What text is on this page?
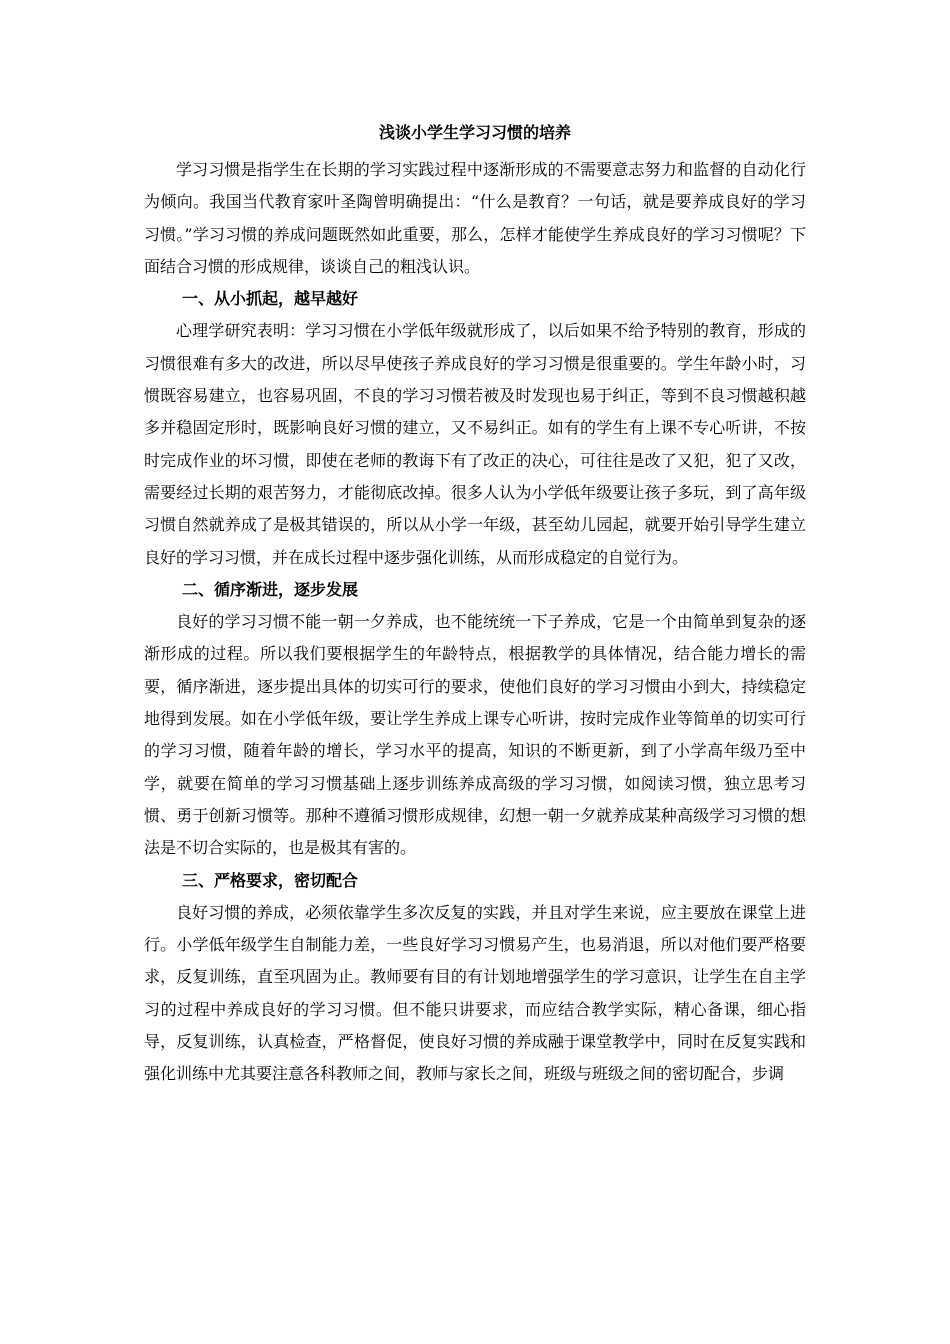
浅谈小学生学习习惯的培养

学习习惯是指学生在长期的学习实践过程中逐渐形成的不需要意志努力和监督的自动化行为倾向。我国当代教育家叶圣陶曾明确提出：“什么是教育？一句话，就是要养成良好的学习习惯。”学习习惯的养成问题既然如此重要，那么，怎样才能使学生养成良好的学习习惯呢？下面结合习惯的形成规律，谈谈自己的粗浅认识。

一、从小抓起，越早越好

心理学研究表明：学习习惯在小学低年级就形成了，以后如果不给予特别的教育，形成的习惯很难有多大的改进，所以尽早使孩子养成良好的学习习惯是很重要的。学生年龄小时，习惯既容易建立，也容易巩固，不良的学习习惯若被及时发现也易于纠正，等到不良习惯越积越多并稳固定形时，既影响良好习惯的建立，又不易纠正。如有的学生有上课不专心听讲，不按时完成作业的坏习惯，即使在老师的教诲下有了改正的决心，可往往是改了又犯，犯了又改，需要经过长期的艰苦努力，才能彻底改掉。很多人认为小学低年级要让孩子多玩，到了高年级习惯自然就养成了是极其错误的，所以从小学一年级，甚至幼儿园起，就要开始引导学生建立良好的学习习惯，并在成长过程中逐步强化训练，从而形成稳定的自觉行为。

二、循序渐进，逐步发展

良好的学习习惯不能一朝一夕养成，也不能统统一下子养成，它是一个由简单到复杂的逐渐形成的过程。所以我们要根据学生的年龄特点，根据教学的具体情况，结合能力增长的需要，循序渐进，逐步提出具体的切实可行的要求，使他们良好的学习习惯由小到大，持续稳定地得到发展。如在小学低年级，要让学生养成上课专心听讲，按时完成作业等简单的切实可行的学习习惯，随着年龄的增长，学习水平的提高，知识的不断更新，到了小学高年级乃至中学，就要在简单的学习习惯基础上逐步训练养成高级的学习习惯，如阅读习惯，独立思考习惯、勇于创新习惯等。那种不遵循习惯形成规律，幻想一朝一夕就养成某种高级学习习惯的想法是不切合实际的，也是极其有害的。

三、严格要求，密切配合

良好习惯的养成，必须依靠学生多次反复的实践，并且对学生来说，应主要放在课堂上进行。小学低年级学生自制能力差，一些良好学习习惯易产生，也易消退，所以对他们要严格要求，反复训练，直至巩固为止。教师要有目的有计划地增强学生的学习意识，让学生在自主学习的过程中养成良好的学习习惯。但不能只讲要求，而应结合教学实际，精心备课，细心指导，反复训练，认真检查，严格督促，使良好习惯的养成融于课堂教学中，同时在反复实践和强化训练中尤其要注意各科教师之间，教师与家长之间，班级与班级之间的密切配合，步调
